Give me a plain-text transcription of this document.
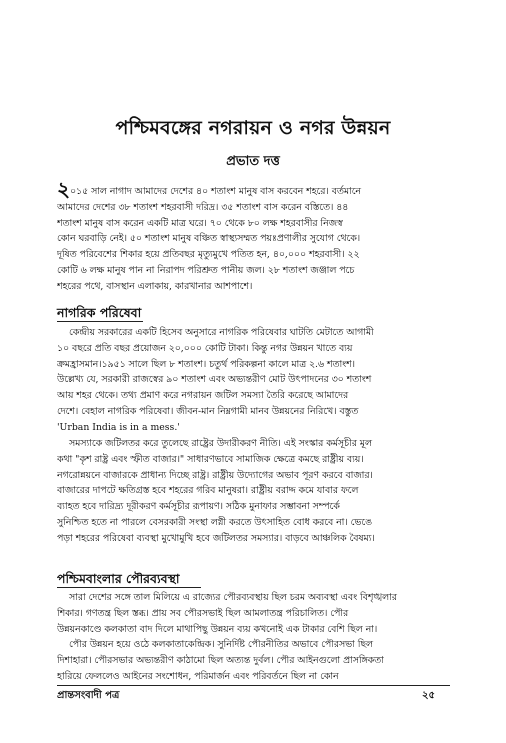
পশ্চিমবঙ্গের নগরায়ন ও নগর উন্নয়ন
প্রভাত দত্ত
২০১৫ সাল নাগাদ আমাদের দেশের ৪০ শতাংশ মানুষ বাস করবেন শহরে। বর্তমানে
আমাদের দেশের ৩৮ শতাংশ শহরবাসী দরিদ্র। ৩৫ শতাংশ বাস করেন বস্তিতে। ৪৪
শতাংশ মানুষ বাস করেন একটি মাত্র ঘরে। ৭০ থেকে ৮০ লক্ষ শহরবাসীর নিজস্ব
কোন ঘরবাড়ি নেই। ৫০ শতাংশ মানুষ বঞ্চিত স্বাস্থ্যসম্মত পয়ঃপ্রণালীর সুযোগ থেকে।
দূষিত পরিবেশের শিকার হয়ে প্রতিবছর মৃত্যুমুখে পতিত হন, ৪০,০০০ শহরবাসী। ২২
কোটি ৬ লক্ষ মানুষ পান না নিরাপদ পরিশ্রুত পানীয় জল। ২৮ শতাংশ জঞ্জাল পচে
শহরের পথে, বাসস্থান এলাকায়, কারখানার আশপাশে।
নাগরিক পরিষেবা
কেন্দ্রীয় সরকারের একটি হিসেব অনুসারে নাগরিক পরিষেবার ঘাটতি মেটাতে আগামী
১০ বছরে প্রতি বছর প্রয়োজন ২০,০০০ কোটি টাকা। কিন্তু নগর উন্নয়ন খাতে ব্যয়
ক্রমহ্রাসমান।১৯৫১ সালে ছিল ৮ শতাংশ। চতুর্থ পরিকল্পনা কালে মাত্র ২.৬ শতাংশ।
উল্লেখ্য যে, সরকারী রাজস্বের ৯০ শতাংশ এবং অভ্যন্তরীণ মোট উৎপাদনের ৩০ শতাংশ
আয় শহর থেকে। তথ্য প্রমাণ করে নগরায়ন জটিল সমস্যা তৈরি করেছে আমাদের
দেশে। বেহাল নাগরিক পরিষেবা। জীবন-মান নিম্নগামী মানব উন্নয়নের নিরিখে। বস্তুত
'Urban India is in a mess.'
সমস্যাকে জটিলতর করে তুলেছে রাষ্ট্রের উদারীকরণ নীতি। এই সংস্কার কর্মসূচীর মূল
কথা "কৃশ রাষ্ট্র এবং স্ফীত বাজার।" সাধারণভাবে সামাজিক ক্ষেত্রে কমছে রাষ্ট্রীয় ব্যয়।
নগরোন্নয়নে বাজারকে প্রাধান্য দিচ্ছে রাষ্ট্র। রাষ্ট্রীয় উদ্যোগের অভাব পূরণ করবে বাজার।
বাজারের দাপটে ক্ষতিগ্রস্ত হবে শহরের গরিব মানুষরা। রাষ্ট্রীয় বরাদ্দ কমে যাবার ফলে
ব্যাহত হবে দারিদ্র্য দূরীকরণ কর্মসূচীর রূপায়ণ। সঠিক মুনাফার সম্ভাবনা সম্পর্কে
সুনিশ্চিত হতে না পারলে বেসরকারী সংস্থা লগ্নী করতে উৎসাহিত বোধ করবে না। ভেঙে
পড়া শহরের পরিষেবা ব্যবস্থা মুখোমুখি হবে জটিলতর সমস্যার। বাড়বে আঞ্চলিক বৈষম্য।
পশ্চিমবাংলার পৌরব্যবস্থা
সারা দেশের সঙ্গে তাল মিলিয়ে এ রাজ্যের পৌরব্যবস্থায় ছিল চরম অব্যবস্থা এবং বিশৃঙ্খলার
শিকার। গণতন্ত্র ছিল স্তব্ধ। প্রায় সব পৌরসভাই ছিল আমলাতন্ত্র পরিচালিত। পৌর
উন্নয়নকাণ্ডে কলকাতা বাদ দিলে মাথাপিছু উন্নয়ন ব্যয় কখনোই এক টাকার বেশি ছিল না।
পৌর উন্নয়ন হয়ে ওঠে কলকাতাকেন্দ্রিক। সুনির্দিষ্ট পৌরনীতির অভাবে পৌরসভা ছিল
দিশাহারা। পৌরসভার অভ্যন্তরীণ কাঠামো ছিল অত্যন্ত দুর্বল। পৌর আইনগুলো প্রাসঙ্গিকতা
হারিয়ে ফেললেও আইনের সংশোধন, পরিমার্জন এবং পরিবর্তনে ছিল না কোন
প্রান্তসংবাদী পত্র	২৫
